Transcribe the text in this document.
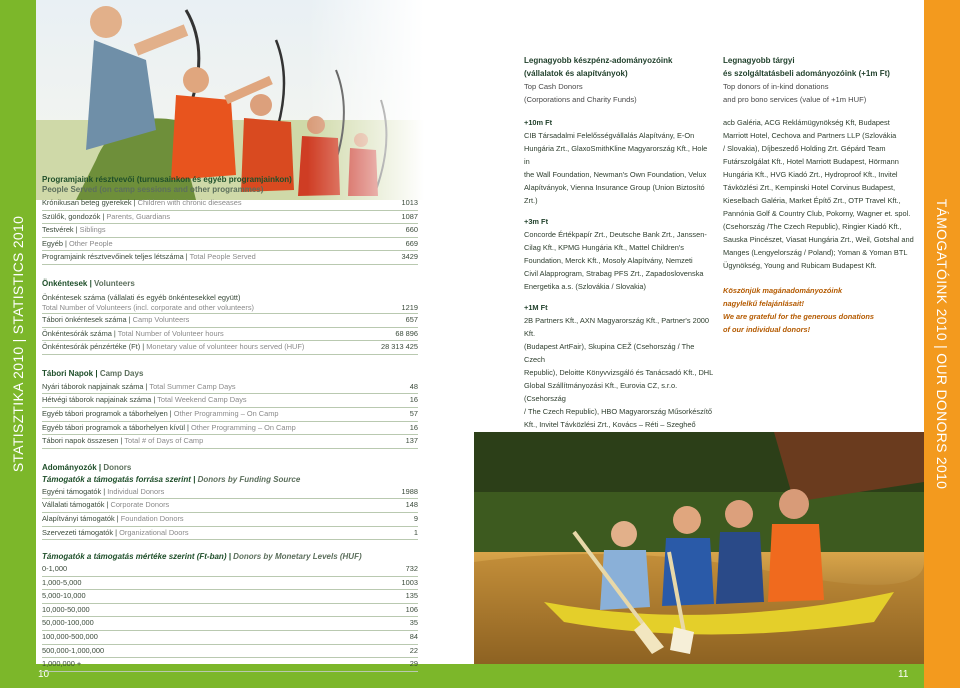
STATISZTIKA 2010 | STATISTICS 2010	TÁMOGATÓINK 2010 | OUR DONORS 2010
10	11
Programjaink résztvevői (turnusainkon és egyéb programjainkon)
People Served (on camp sessions and other programmes)
Krónikusan beteg gyerekek | Children with chronic dieseases	1013
Szülők, gondozók | Parents, Guardians	1087
Testvérek | Siblings	660
Egyéb | Other People	669
Programjaink résztvevőinek teljes létszáma | Total People Served	3429
Önkéntesek | Volunteers
Önkéntesek száma (vállalati és egyéb önkéntesekkel együtt)
Total Number of Volunteers (incl. corporate and other volunteers)	1219
Tábori önkéntesek száma | Camp Volunteers	657
Önkéntesórák száma | Total Number of Volunteer hours	68 896
Önkéntesórák pénzértéke (Ft) | Monetary value of volunteer hours served (HUF)	28 313 425
Tábori Napok | Camp Days
Nyári táborok napjainak száma | Total Summer Camp Days	48
Hétvégi táborok napjainak száma | Total Weekend Camp Days	16
Egyéb tábori programok a táborhelyen | Other Programming – On Camp	57
Egyéb tábori programok a táborhelyen kívül | Other Programming – On Camp	16
Tábori napok összesen | Total # of Days of Camp	137
Adományozók | Donors
Támogatók a támogatás forrása szerint | Donors by Funding Source
Egyéni támogatók | Individual Donors	1988
Vállalati támogatók | Corporate Donors	148
Alapítványi támogatók | Foundation Donors	9
Szervezeti támogatók | Organizational Doors	1
Támogatók a támogatás mértéke szerint (Ft-ban) | Donors by Monetary Levels (HUF)
0-1,000	732
1,000-5,000	1003
5,000-10,000	135
10,000-50,000	106
50,000-100,000	35
100,000-500,000	84
500,000-1,000,000	22
1,000,000 +	29
Legnagyobb készpénz-adományozóink
(vállalatok és alapítványok)
Top Cash Donors
(Corporations and Charity Funds)
+10m Ft
CIB Társadalmi Felelősségvállalás Alapítvány, E-On
Hungária Zrt., GlaxoSmithKline Magyarország Kft., Hole in
the Wall Foundation, Newman's Own Foundation, Velux
Alapítványok, Vienna Insurance Group (Union Biztosító Zrt.)
+3m Ft
Concorde Értékpapír Zrt., Deutsche Bank Zrt., Janssen-
Cilag Kft., KPMG Hungária Kft., Mattel Children's
Foundation, Merck Kft., Mosoly Alapítvány, Nemzeti
Civil Alapprogram, Strabag PFS Zrt., Zapadoslovenska
Energetika a.s. (Szlovákia / Slovakia)
+1M Ft
2B Partners Kft., AXN Magyarország Kft., Partner's 2000 Kft.
(Budapest ArtFair), Skupina CEŽ (Csehország / The Czech
Republic), Deloitte Könyvvizsgáló és Tanácsadó Kft., DHL
Global Szállítmányozási Kft., Eurovia CZ, s.r.o. (Csehország
/ The Czech Republic), HBO Magyarország Műsorkészítő
Kft., Invitel Távközlési Zrt., Kovács – Réti – Szegheő
Legnagyobb tárgyi
és szolgáltatásbeli adományozóink (+1m Ft)
Top donors of in-kind donations
and pro bono services (value of +1m HUF)
acb Galéria, ACG Reklámügynökség Kft, Budapest
Marriott Hotel, Cechova and Partners LLP (Szlovákia
/ Slovakia), Díjbeszedő Holding Zrt. Gépárd Team
Futárszolgálat Kft., Hotel Marriott Budapest, Hörmann
Hungária Kft., HVG Kiadó Zrt., Hydroproof Kft., Invitel
Távközlési Zrt., Kempinski Hotel Corvinus Budapest,
Kieselbach Galéria, Market Építő Zrt., OTP Travel Kft.,
Pannónia Golf & Country Club, Pokorny, Wagner et. spol.
(Csehország /The Czech Republic), Ringier Kiadó Kft.,
Sauska Pincészet, Viasat Hungária Zrt., Weil, Gotshal and
Manges (Lengyelország / Poland); Yoman & Yoman BTL
Ügynökség, Young and Rubicam Budapest Kft.
Köszönjük magánadományozóink
nagylelkű felajánlásait!
We are grateful for the generous donations
of our individual donors!
